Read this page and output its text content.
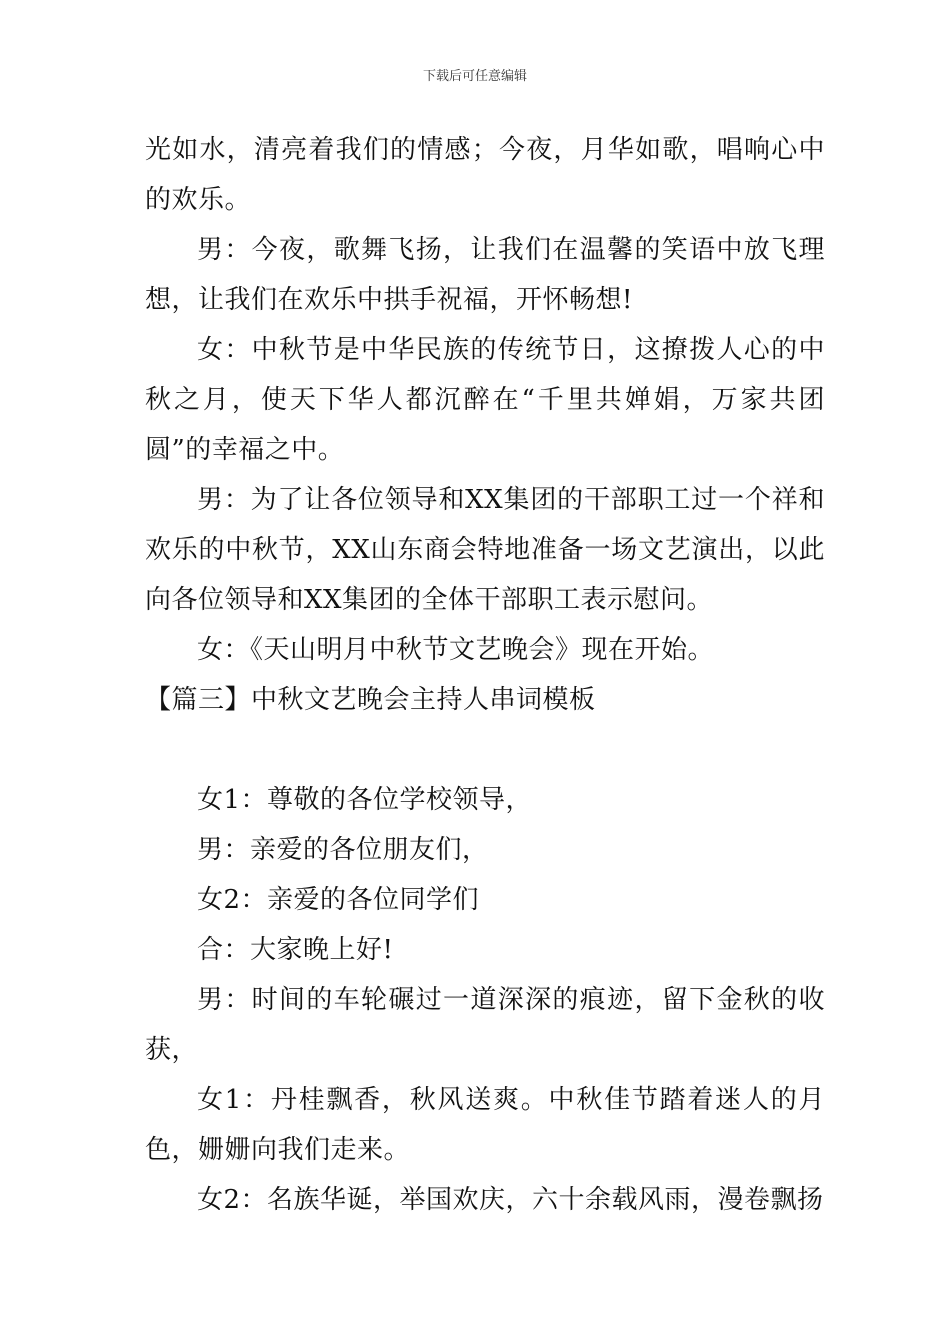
下载后可任意编辑

光如水，清亮着我们的情感；今夜，月华如歌，唱响心中的欢乐。

男：今夜，歌舞飞扬，让我们在温馨的笑语中放飞理想，让我们在欢乐中拱手祝福，开怀畅想!

女：中秋节是中华民族的传统节日，这撩拨人心的中秋之月，使天下华人都沉醉在“千里共婵娟，万家共团圆”的幸福之中。

男：为了让各位领导和XX集团的干部职工过一个祥和欢乐的中秋节，XX山东商会特地准备一场文艺演出，以此向各位领导和XX集团的全体干部职工表示慰问。

女：《天山明月中秋节文艺晚会》现在开始。

【篇三】中秋文艺晚会主持人串词模板

女1：尊敬的各位学校领导，

男：亲爱的各位朋友们，

女2：亲爱的各位同学们

合：大家晚上好!

男：时间的车轮碾过一道深深的痕迹，留下金秋的收获，

女1：丹桂飘香，秋风送爽。中秋佳节踏着迷人的月色，姗姗向我们走来。

女2：名族华诞，举国欢庆，六十余载风雨，漫卷飘扬
